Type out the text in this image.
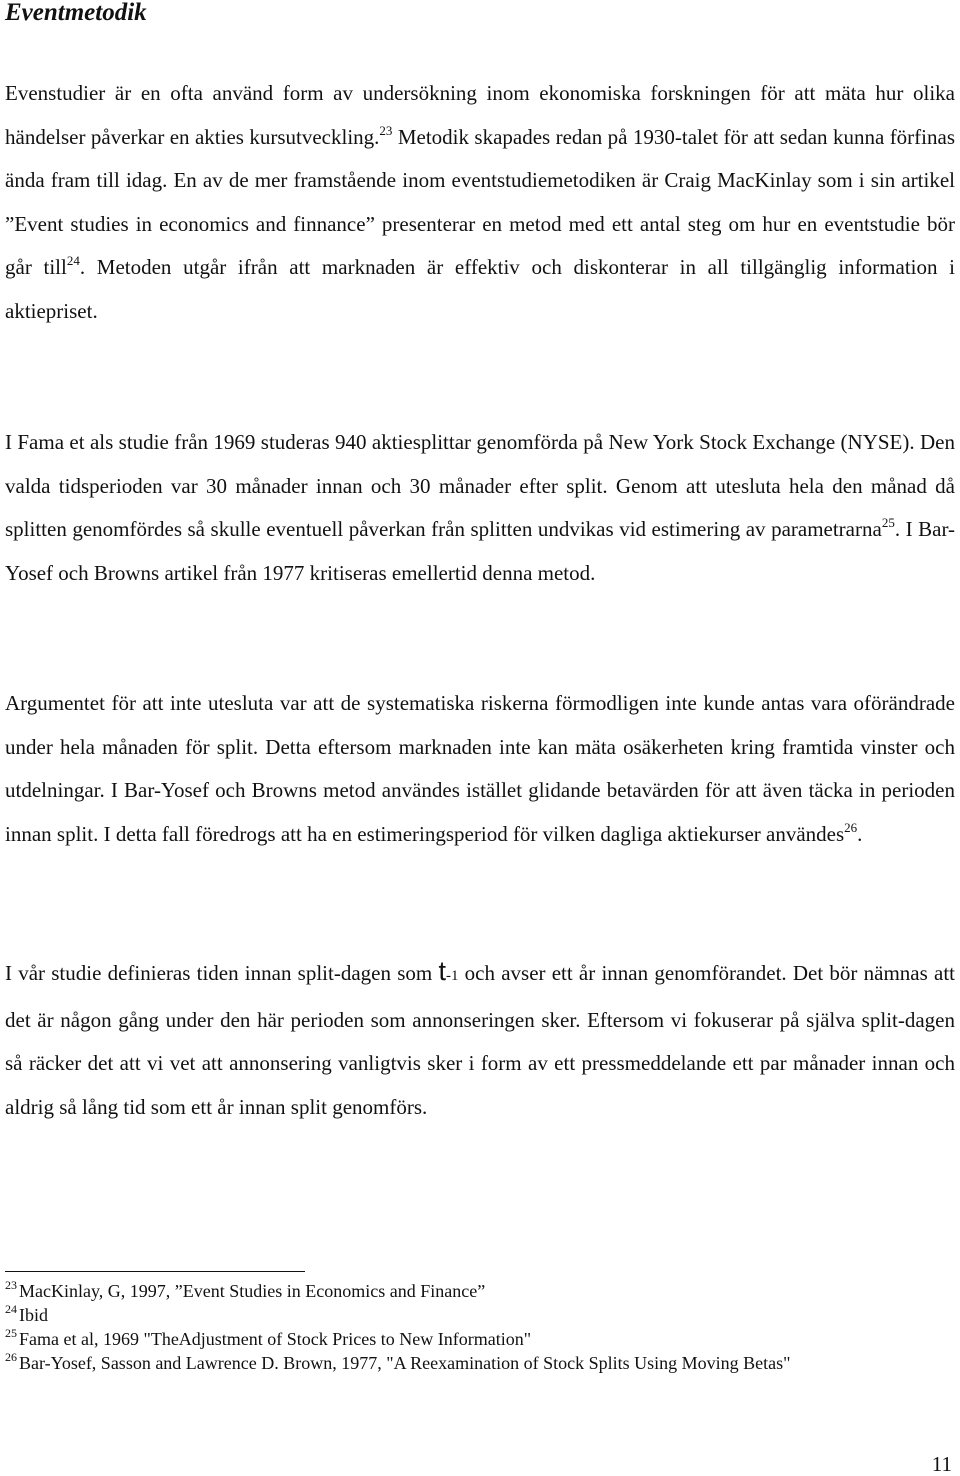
Eventmetodik

Evenstudier är en ofta använd form av undersökning inom ekonomiska forskningen för att mäta hur olika händelser påverkar en akties kursutveckling.$^{23}$ Metodik skapades redan på 1930-talet för att sedan kunna förfinas ända fram till idag. En av de mer framstående inom eventstudiemetodiken är Craig MacKinlay som i sin artikel ”Event studies in economics and finnance” presenterar en metod med ett antal steg om hur en eventstudie bör går till$^{24}$. Metoden utgår ifrån att marknaden är effektiv och diskonterar in all tillgänglig information i aktiepriset.

I Fama et als studie från 1969 studeras 940 aktiesplittar genomförda på New York Stock Exchange (NYSE). Den valda tidsperioden var 30 månader innan och 30 månader efter split. Genom att utesluta hela den månad då splitten genomfördes så skulle eventuell påverkan från splitten undvikas vid estimering av parametrarna$^{25}$. I Bar-Yosef och Browns artikel från 1977 kritiseras emellertid denna metod.

Argumentet för att inte utesluta var att de systematiska riskerna förmodligen inte kunde antas vara oförändrade under hela månaden för split. Detta eftersom marknaden inte kan mäta osäkerheten kring framtida vinster och utdelningar. I Bar-Yosef och Browns metod användes istället glidande betavärden för att även täcka in perioden innan split. I detta fall föredrogs att ha en estimeringsperiod för vilken dagliga aktiekurser användes$^{26}$.

I vår studie definieras tiden innan split-dagen som t-1 och avser ett år innan genomförandet. Det bör nämnas att det är någon gång under den här perioden som annonseringen sker. Eftersom vi fokuserar på själva split-dagen så räcker det att vi vet att annonsering vanligtvis sker i form av ett pressmeddelande ett par månader innan och aldrig så lång tid som ett år innan split genomförs.

$^{23}$ MacKinlay, G, 1997, ”Event Studies in Economics and Finance”

$^{24}$ Ibid

$^{25}$ Fama et al, 1969 "TheAdjustment of Stock Prices to New Information"

$^{26}$ Bar-Yosef, Sasson and Lawrence D. Brown, 1977, "A Reexamination of Stock Splits Using Moving Betas"

11
